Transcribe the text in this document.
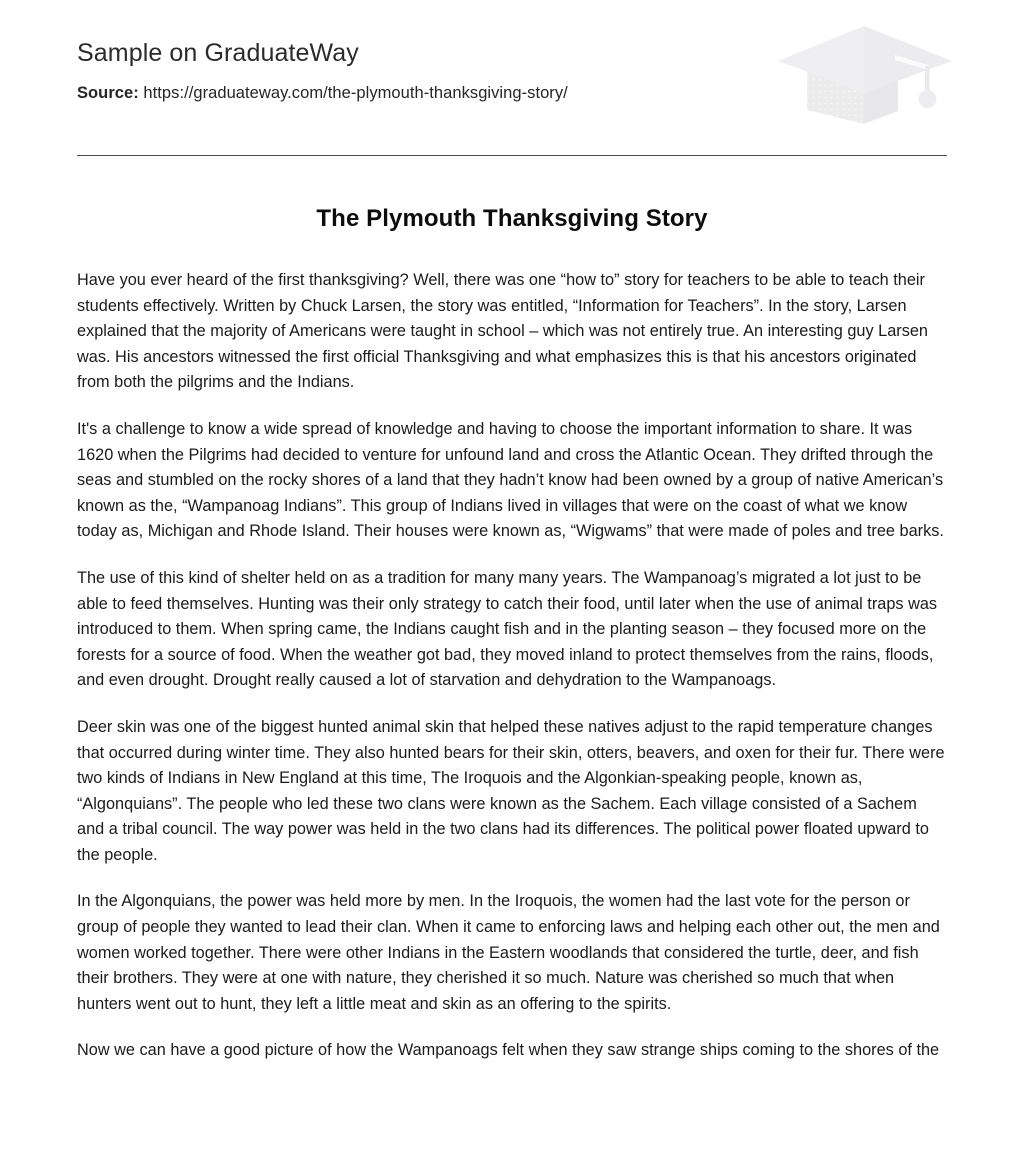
Sample on GraduateWay
Source: https://graduateway.com/the-plymouth-thanksgiving-story/
The Plymouth Thanksgiving Story

Have you ever heard of the first thanksgiving? Well, there was one “how to” story for teachers to be able to teach their students effectively. Written by Chuck Larsen, the story was entitled, “Information for Teachers”. In the story, Larsen explained that the majority of Americans were taught in school – which was not entirely true. An interesting guy Larsen was. His ancestors witnessed the first official Thanksgiving and what emphasizes this is that his ancestors originated from both the pilgrims and the Indians.

It's a challenge to know a wide spread of knowledge and having to choose the important information to share. It was 1620 when the Pilgrims had decided to venture for unfound land and cross the Atlantic Ocean. They drifted through the seas and stumbled on the rocky shores of a land that they hadn’t know had been owned by a group of native American’s known as the, “Wampanoag Indians”. This group of Indians lived in villages that were on the coast of what we know today as, Michigan and Rhode Island. Their houses were known as, “Wigwams” that were made of poles and tree barks.

The use of this kind of shelter held on as a tradition for many many years. The Wampanoag’s migrated a lot just to be able to feed themselves. Hunting was their only strategy to catch their food, until later when the use of animal traps was introduced to them. When spring came, the Indians caught fish and in the planting season – they focused more on the forests for a source of food. When the weather got bad, they moved inland to protect themselves from the rains, floods, and even drought. Drought really caused a lot of starvation and dehydration to the Wampanoags.

Deer skin was one of the biggest hunted animal skin that helped these natives adjust to the rapid temperature changes that occurred during winter time. They also hunted bears for their skin, otters, beavers, and oxen for their fur. There were two kinds of Indians in New England at this time, The Iroquois and the Algonkian-speaking people, known as, “Algonquians”. The people who led these two clans were known as the Sachem. Each village consisted of a Sachem and a tribal council. The way power was held in the two clans had its differences. The political power floated upward to the people.

In the Algonquians, the power was held more by men. In the Iroquois, the women had the last vote for the person or group of people they wanted to lead their clan. When it came to enforcing laws and helping each other out, the men and women worked together. There were other Indians in the Eastern woodlands that considered the turtle, deer, and fish their brothers. They were at one with nature, they cherished it so much. Nature was cherished so much that when hunters went out to hunt, they left a little meat and skin as an offering to the spirits.

Now we can have a good picture of how the Wampanoags felt when they saw strange ships coming to the shores of the
